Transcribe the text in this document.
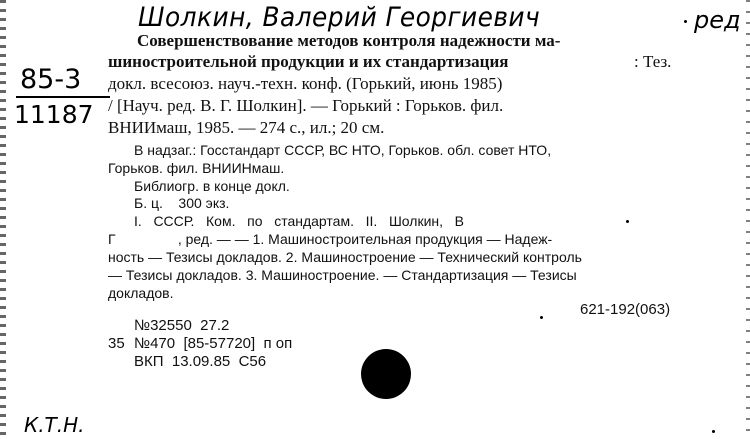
Шолкин, Валерий Георгиевич	ред
85-3
11187
К.Т.Н.
Совершенствование методов контроля надежности ма-
шиностроительной продукции и их стандартизация	: Тез.
докл. всесоюз. науч.-техн. конф. (Горький, июнь 1985)
/ [Науч. ред. В. Г. Шолкин]. — Горький : Горьков. фил.
ВНИИмаш, 1985. — 274 с., ил.; 20 см.
В надзаг.: Госстандарт СССР, ВС НТО, Горьков. обл. совет НТО,
Горьков. фил. ВНИИНмаш.
Библиогр. в конце докл.
Б. ц.    300 экз.
I.   СССР.   Ком.   по   стандартам.   II.   Шолкин,   В
Г                , ред. — — 1. Машиностроительная продукция — Надеж-
ность — Тезисы докладов. 2. Машиностроение — Технический контроль
— Тезисы докладов. 3. Машиностроение. — Стандартизация — Тезисы
докладов.
621-192(063)
№32550  27.2
35 №470  [85-57720]  п оп
ВКП  13.09.85  С56
